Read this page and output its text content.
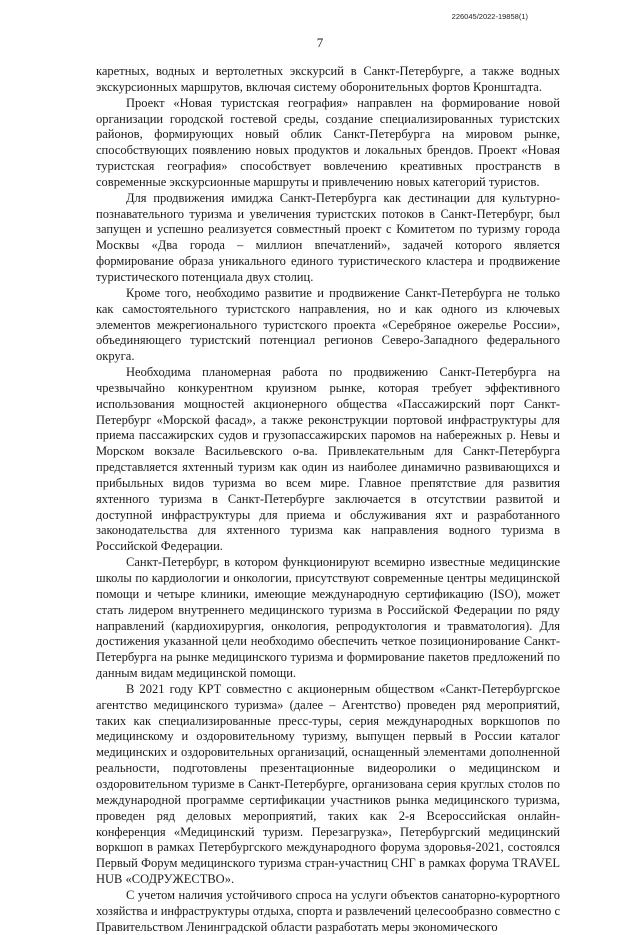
226045/2022-19858(1)
7

каретных, водных и вертолетных экскурсий в Санкт-Петербурге, а также водных экскурсионных маршрутов, включая систему оборонительных фортов Кронштадта.

Проект «Новая туристская география» направлен на формирование новой организации городской гостевой среды, создание специализированных туристских районов, формирующих новый облик Санкт-Петербурга на мировом рынке, способствующих появлению новых продуктов и локальных брендов. Проект «Новая туристская география» способствует вовлечению креативных пространств в современные экскурсионные маршруты и привлечению новых категорий туристов.

Для продвижения имиджа Санкт-Петербурга как дестинации для культурно-познавательного туризма и увеличения туристских потоков в Санкт-Петербург, был запущен и успешно реализуется совместный проект с Комитетом по туризму города Москвы «Два города – миллион впечатлений», задачей которого является формирование образа уникального единого туристического кластера и продвижение туристического потенциала двух столиц.

Кроме того, необходимо развитие и продвижение Санкт-Петербурга не только как самостоятельного туристского направления, но и как одного из ключевых элементов межрегионального туристского проекта «Серебряное ожерелье России», объединяющего туристский потенциал регионов Северо-Западного федерального округа.

Необходима планомерная работа по продвижению Санкт-Петербурга на чрезвычайно конкурентном круизном рынке, которая требует эффективного использования мощностей акционерного общества «Пассажирский порт Санкт-Петербург «Морской фасад», а также реконструкции портовой инфраструктуры для приема пассажирских судов и грузопассажирских паромов на набережных р. Невы и Морском вокзале Васильевского о-ва. Привлекательным для Санкт-Петербурга представляется яхтенный туризм как один из наиболее динамично развивающихся и прибыльных видов туризма во всем мире. Главное препятствие для развития яхтенного туризма в Санкт-Петербурге заключается в отсутствии развитой и доступной инфраструктуры для приема и обслуживания яхт и разработанного законодательства для яхтенного туризма как направления водного туризма в Российской Федерации.

Санкт-Петербург, в котором функционируют всемирно известные медицинские школы по кардиологии и онкологии, присутствуют современные центры медицинской помощи и четыре клиники, имеющие международную сертификацию (ISO), может стать лидером внутреннего медицинского туризма в Российской Федерации по ряду направлений (кардиохирургия, онкология, репродуктология и травматология). Для достижения указанной цели необходимо обеспечить четкое позиционирование Санкт-Петербурга на рынке медицинского туризма и формирование пакетов предложений по данным видам медицинской помощи.

В 2021 году КРТ совместно с акционерным обществом «Санкт-Петербургское агентство медицинского туризма» (далее – Агентство) проведен ряд мероприятий, таких как специализированные пресс-туры, серия международных воркшопов по медицинскому и оздоровительному туризму, выпущен первый в России каталог медицинских и оздоровительных организаций, оснащенный элементами дополненной реальности, подготовлены презентационные видеоролики о медицинском и оздоровительном туризме в Санкт-Петербурге, организована серия круглых столов по международной программе сертификации участников рынка медицинского туризма, проведен ряд деловых мероприятий, таких как 2-я Всероссийская онлайн-конференция «Медицинский туризм. Перезагрузка», Петербургский медицинский воркшоп в рамках Петербургского международного форума здоровья-2021, состоялся Первый Форум медицинского туризма стран-участниц СНГ в рамках форума TRAVEL HUB «СОДРУЖЕСТВО».

С учетом наличия устойчивого спроса на услуги объектов санаторно-курортного хозяйства и инфраструктуры отдыха, спорта и развлечений целесообразно совместно с Правительством Ленинградской области разработать меры экономического
